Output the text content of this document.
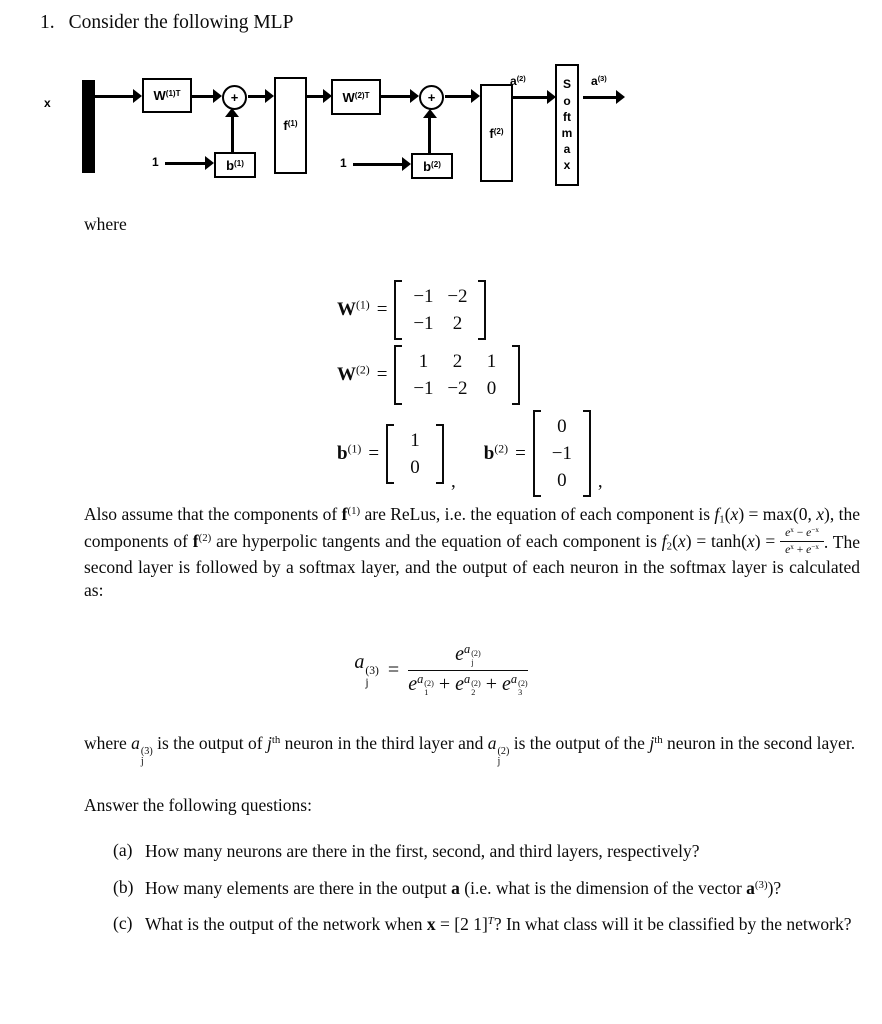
1. Consider the following MLP
x	$W^{(1)T}$	+
$f^{(1)}$
$W^{(2)T}$	+
$f^{(2)}$
$a^{(2)}$	Softmax
$a^{(3)}$
1	$b^{(1)}$	1	$b^{(2)}$
where
$W^{(1)}$ =
−1 −2
−1	2
$W^{(2)}$ =
1	2	1
−1 −2	0
$b^{(1)}$ =
1
0
,
$b^{(2)}$ =
0
−1
0	,

Also assume that the components of $f^{(1)}$ are ReLus, i.e. the equation of each component is $f_1(x) = \max(0$, x), the components of $f^{(2)}$ are hyperpolic tangents and the equation of each component is $f_2(x) = \tanh(x) = \frac{e^x - e^{-x}}{e^x + e^{-x}}$ . The second layer is followed by a softmax layer, and the output of each neuron in the softmax layer is calculated as:

a (3)
j
= $e^{a (2) j}$
$e^{a (2) 1} + e^{a (2) 2} + e^{a (2) 3}$

where a (3)
j
is the output of $j^{th}$ neuron in the third layer and a (2)
j
is the output of the $j^{th}$ neuron in the second layer.

Answer the following questions:
(a) How many neurons are there in the first, second, and third layers, respectively?
(b) How many elements are there in the output a (i.e. what is the dimension of the vector $a^{(3)}$)?
(c) What is the output of the network when x = [2 1]$^T$? In what class will it be classified by the network?
